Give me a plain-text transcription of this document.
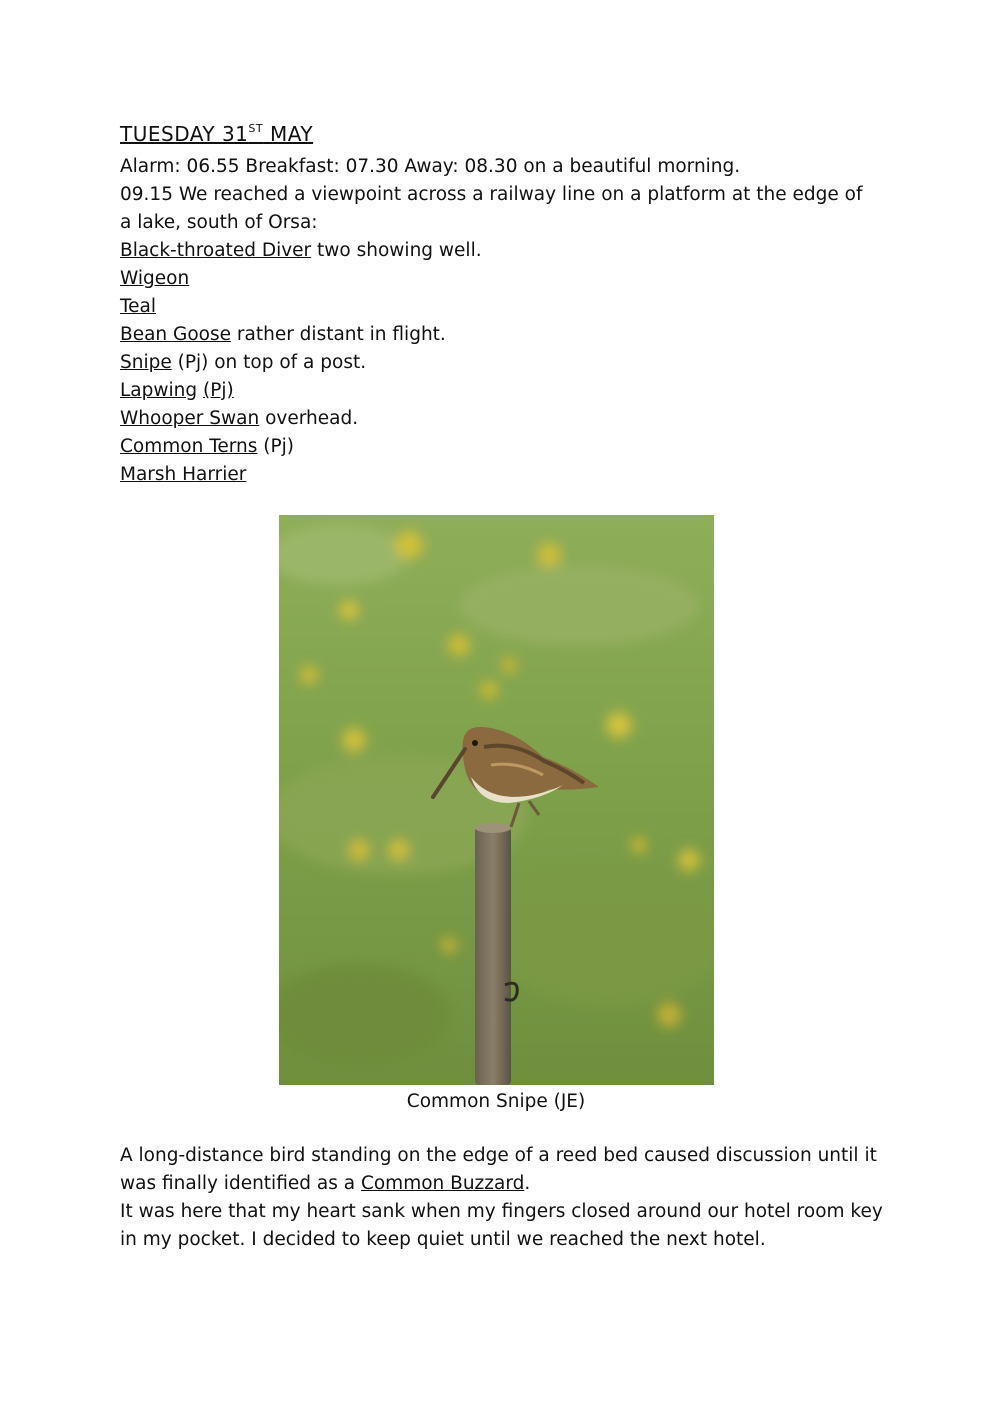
TUESDAY 31ST MAY
Alarm: 06.55 Breakfast: 07.30 Away: 08.30 on a beautiful morning.
09.15 We reached a viewpoint across a railway line on a platform at the edge of
a lake, south of Orsa:
Black-throated Diver two showing well.
Wigeon
Teal
Bean Goose rather distant in flight.
Snipe (Pj) on top of a post.
Lapwing (Pj)
Whooper Swan overhead.
Common Terns (Pj)
Marsh Harrier
Common Snipe (JE)
A long-distance bird standing on the edge of a reed bed caused discussion until it
was finally identified as a Common Buzzard.
It was here that my heart sank when my fingers closed around our hotel room key
in my pocket. I decided to keep quiet until we reached the next hotel.
